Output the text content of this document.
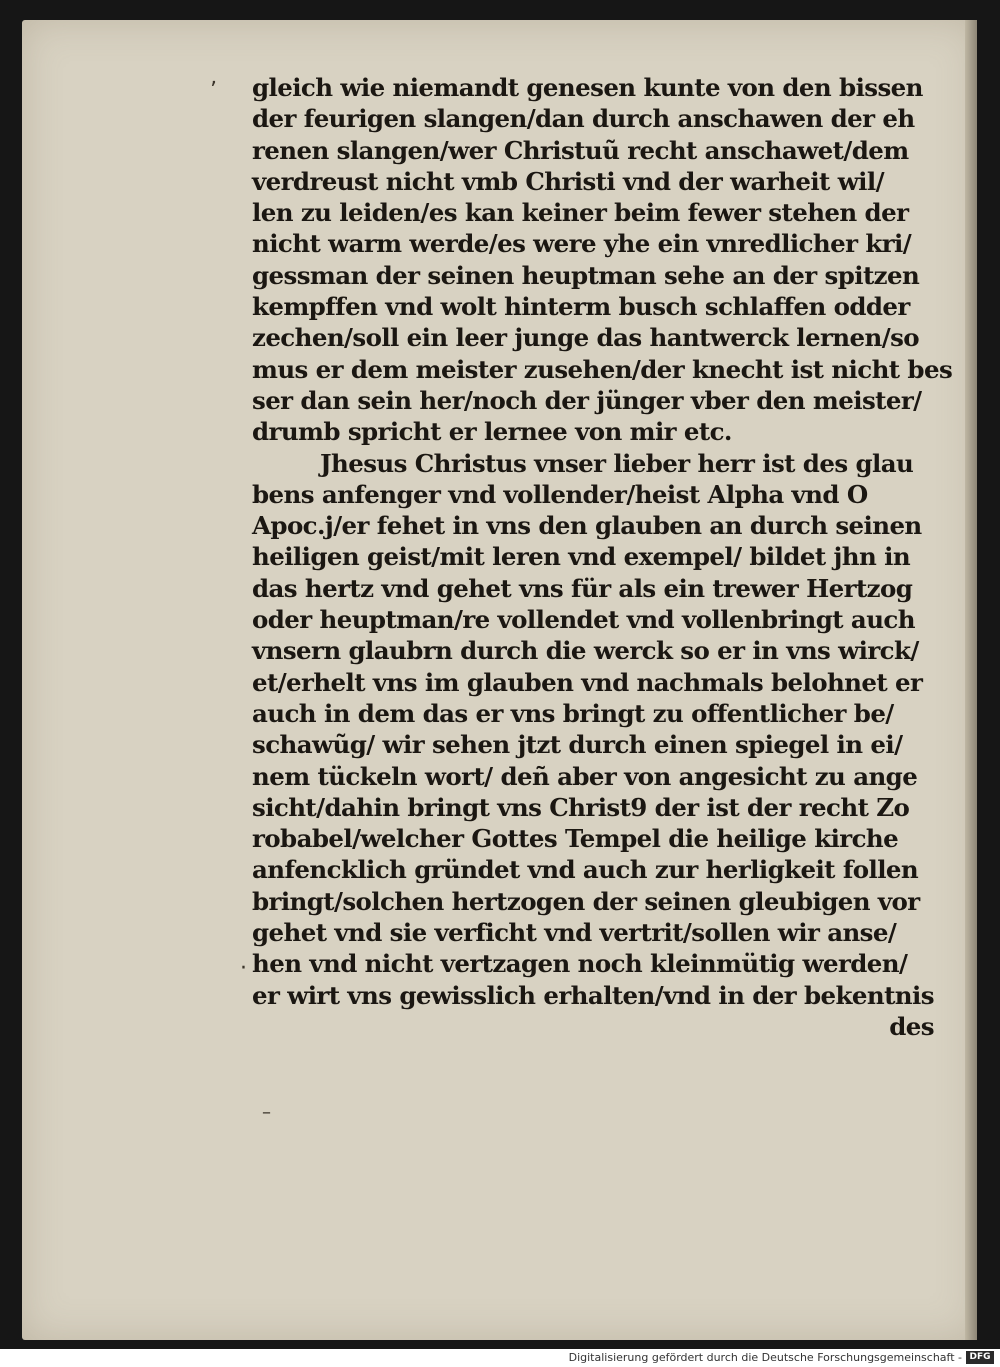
ʼ
·
–
gleich wie niemandt genesen kunte von den bissen
der feurigen slangen/dan durch anschawen der eh
renen slangen/wer Christuũ recht anschawet/dem
verdreust nicht vmb Christi vnd der warheit wil/
len zu leiden/es kan keiner beim fewer stehen der
nicht warm werde/es were yhe ein vnredlicher kri/
gessman der seinen heuptman sehe an der spitzen
kempffen vnd wolt hinterm busch schlaffen odder
zechen/soll ein leer junge das hantwerck lernen/so
mus er dem meister zusehen/der knecht ist nicht bes
ser dan sein her/noch der jünger vber den meister/
drumb spricht er lernee von mir etc.
Jhesus Christus vnser lieber herr ist des glau
bens anfenger vnd vollender/heist Alpha vnd O
Apoc.j/er fehet in vns den glauben an durch seinen
heiligen geist/mit leren vnd exempel/ bildet jhn in
das hertz vnd gehet vns für als ein trewer Hertzog
oder heuptman/re vollendet vnd vollenbringt auch
vnsern glaubrn durch die werck so er in vns wirck/
et/erhelt vns im glauben vnd nachmals belohnet er
auch in dem das er vns bringt zu offentlicher be/
schawũg/ wir sehen jtzt durch einen spiegel in ei/
nem tückeln wort/ deñ aber von angesicht zu ange
sicht/dahin bringt vns Christ9 der ist der recht Zo
robabel/welcher Gottes Tempel die heilige kirche
anfencklich gründet vnd auch zur herligkeit follen
bringt/solchen hertzogen der seinen gleubigen vor
gehet vnd sie verficht vnd vertrit/sollen wir anse/
hen vnd nicht vertzagen noch kleinmütig werden/
er wirt vns gewisslich erhalten/vnd in der bekentnis
des
Digitalisierung gefördert durch die Deutsche Forschungsgemeinschaft - DFG
